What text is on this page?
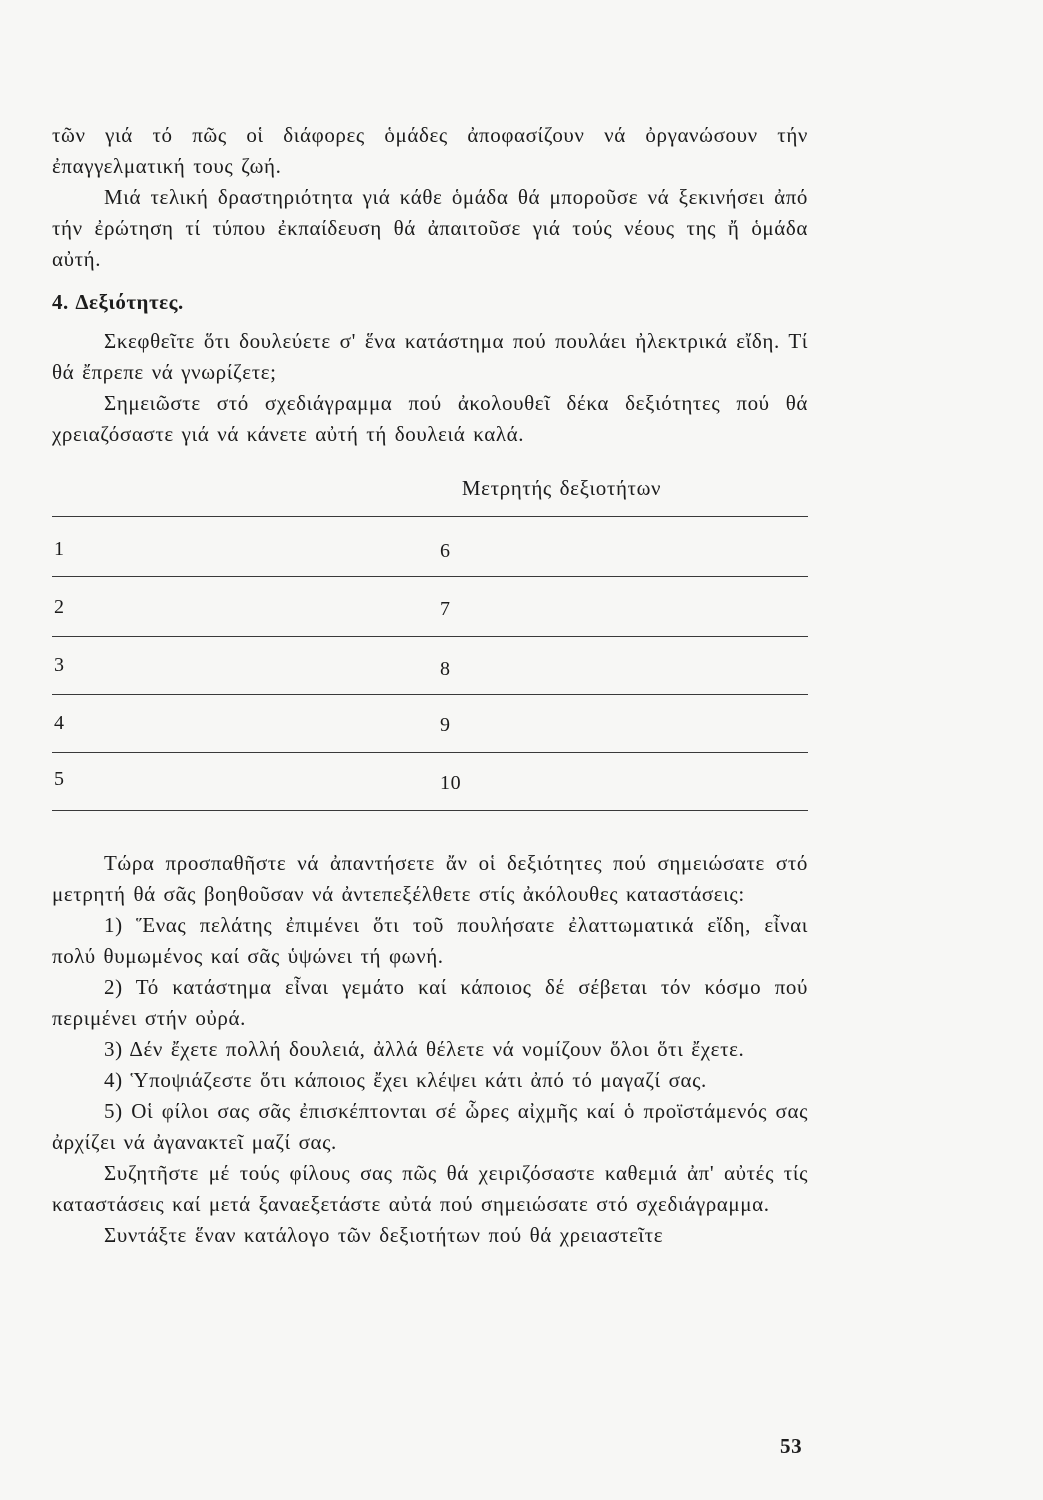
τῶν γιά τό πῶς οἱ διάφορες ὁμάδες ἀποφασίζουν νά ὀργανώσουν τήν ἐπαγγελματική τους ζωή.

Μιά τελική δραστηριότητα γιά κάθε ὁμάδα θά μποροῦσε νά ξεκινήσει ἀπό τήν ἐρώτηση τί τύπου ἐκπαίδευση θά ἀπαιτοῦσε γιά τούς νέους της ἤ ὁμάδα αὐτή.

4. Δεξιότητες.

Σκεφθεῖτε ὅτι δουλεύετε σ' ἕνα κατάστημα πού πουλάει ἠλεκτρικά εἴδη. Τί θά ἔπρεπε νά γνωρίζετε;

Σημειῶστε στό σχεδιάγραμμα πού ἀκολουθεῖ δέκα δεξιότητες πού θά χρειαζόσαστε γιά νά κάνετε αὐτή τή δουλειά καλά.

Μετρητής δεξιοτήτων
1	6
2	7
3	8
4	9
5	10

Τώρα προσπαθῆστε νά ἀπαντήσετε ἄν οἱ δεξιότητες πού σημειώσατε στό μετρητή θά σᾶς βοηθοῦσαν νά ἀντεπεξέλθετε στίς ἀκόλουθες καταστάσεις:

1) Ἕνας πελάτης ἐπιμένει ὅτι τοῦ πουλήσατε ἐλαττωματικά εἴδη, εἶναι πολύ θυμωμένος καί σᾶς ὑψώνει τή φωνή.

2) Τό κατάστημα εἶναι γεμάτο καί κάποιος δέ σέβεται τόν κόσμο πού περιμένει στήν οὐρά.

3) Δέν ἔχετε πολλή δουλειά, ἀλλά θέλετε νά νομίζουν ὅλοι ὅτι ἔχετε.

4) Ὑποψιάζεστε ὅτι κάποιος ἔχει κλέψει κάτι ἀπό τό μαγαζί σας.

5) Οἱ φίλοι σας σᾶς ἐπισκέπτονται σέ ὧρες αἰχμῆς καί ὁ προϊστάμενός σας ἀρχίζει νά ἀγανακτεῖ μαζί σας.

Συζητῆστε μέ τούς φίλους σας πῶς θά χειριζόσαστε καθεμιά ἀπ' αὐτές τίς καταστάσεις καί μετά ξαναεξετάστε αὐτά πού σημειώσατε στό σχεδιάγραμμα.

Συντάξτε ἕναν κατάλογο τῶν δεξιοτήτων πού θά χρειαστεῖτε

53
